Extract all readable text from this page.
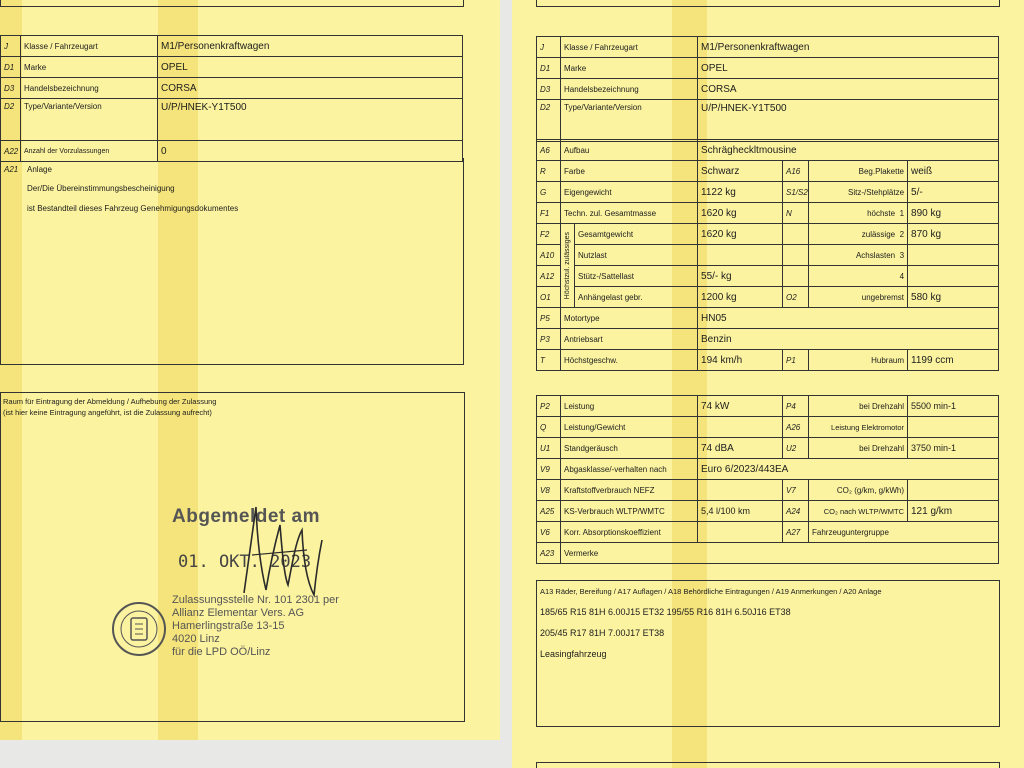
J	Klasse / Fahrzeugart	M1/Personenkraftwagen
D1	Marke	OPEL
D3	Handelsbezeichnung	CORSA
D2	Type/Variante/Version	U/P/HNEK-Y1T500
A22	Anzahl der Vorzulassungen	0
A21 Anlage
Der/Die Übereinstimmungsbescheinigung
ist Bestandteil dieses Fahrzeug Genehmigungsdokumentes
Raum für Eintragung der Abmeldung / Aufhebung der Zulassung
(ist hier keine Eintragung angeführt, ist die Zulassung aufrecht)
Abgemeldet am
01. OKT. 2023
Zulassungsstelle Nr. 101 2301 per
Allianz Elementar Vers. AG
Hamerlingstraße 13-15
4020 Linz
für die LPD OÖ/Linz
J	Klasse / Fahrzeugart	M1/Personenkraftwagen
D1	Marke	OPEL
D3	Handelsbezeichnung	CORSA
D2	Type/Variante/Version	U/P/HNEK-Y1T500
A6	Aufbau		Schrägheckltmousine			
R	Farbe		Schwarz	A16	Beg.Plakette	weiß
G	Eigengewicht		1122 kg	S1/S2	Sitz-/Stehplätze	5/-
F1	Techn. zul. Gesamtmasse		1620 kg	N	höchste 1	890 kg
F2	Höchstzul. zulässiges	Gesamtgewicht	1620 kg		zulässige 2	870 kg
A10		Nutzlast			Achslasten 3	
A12		Stütz-/Sattellast	55/- kg		4	
O1		Anhängelast gebr.	1200 kg	O2	ungebremst	580 kg
P5	Motortype		HN05			
P3	Antriebsart		Benzin			
T	Höchstgeschw.		194 km/h	P1	Hubraum	1199 ccm
P2	Leistung	74 kW	P4	bei Drehzahl	5500 min-1
Q	Leistung/Gewicht		A26	Leistung Elektromotor	
U1	Standgeräusch	74 dBA	U2	bei Drehzahl	3750 min-1
V9	Abgasklasse/-verhalten nach	Euro 6/2023/443EA			
V8	Kraftstoffverbrauch NEFZ		V7	CO₂ (g/km, g/kWh)	
A25	KS-Verbrauch WLTP/WMTC	5,4 l/100 km	A24	CO₂ nach WLTP/WMTC	121 g/km
V6	Korr. Absorptionskoeffizient		A27	Fahrzeuguntergruppe	
A23	Vermerke				
A13 Räder, Bereifung / A17 Auflagen / A18 Behördliche Eintragungen / A19 Anmerkungen / A20 Anlage
185/65 R15 81H 6.00J15 ET32 195/55 R16 81H 6.50J16 ET38
205/45 R17 81H 7.00J17 ET38
Leasingfahrzeug
